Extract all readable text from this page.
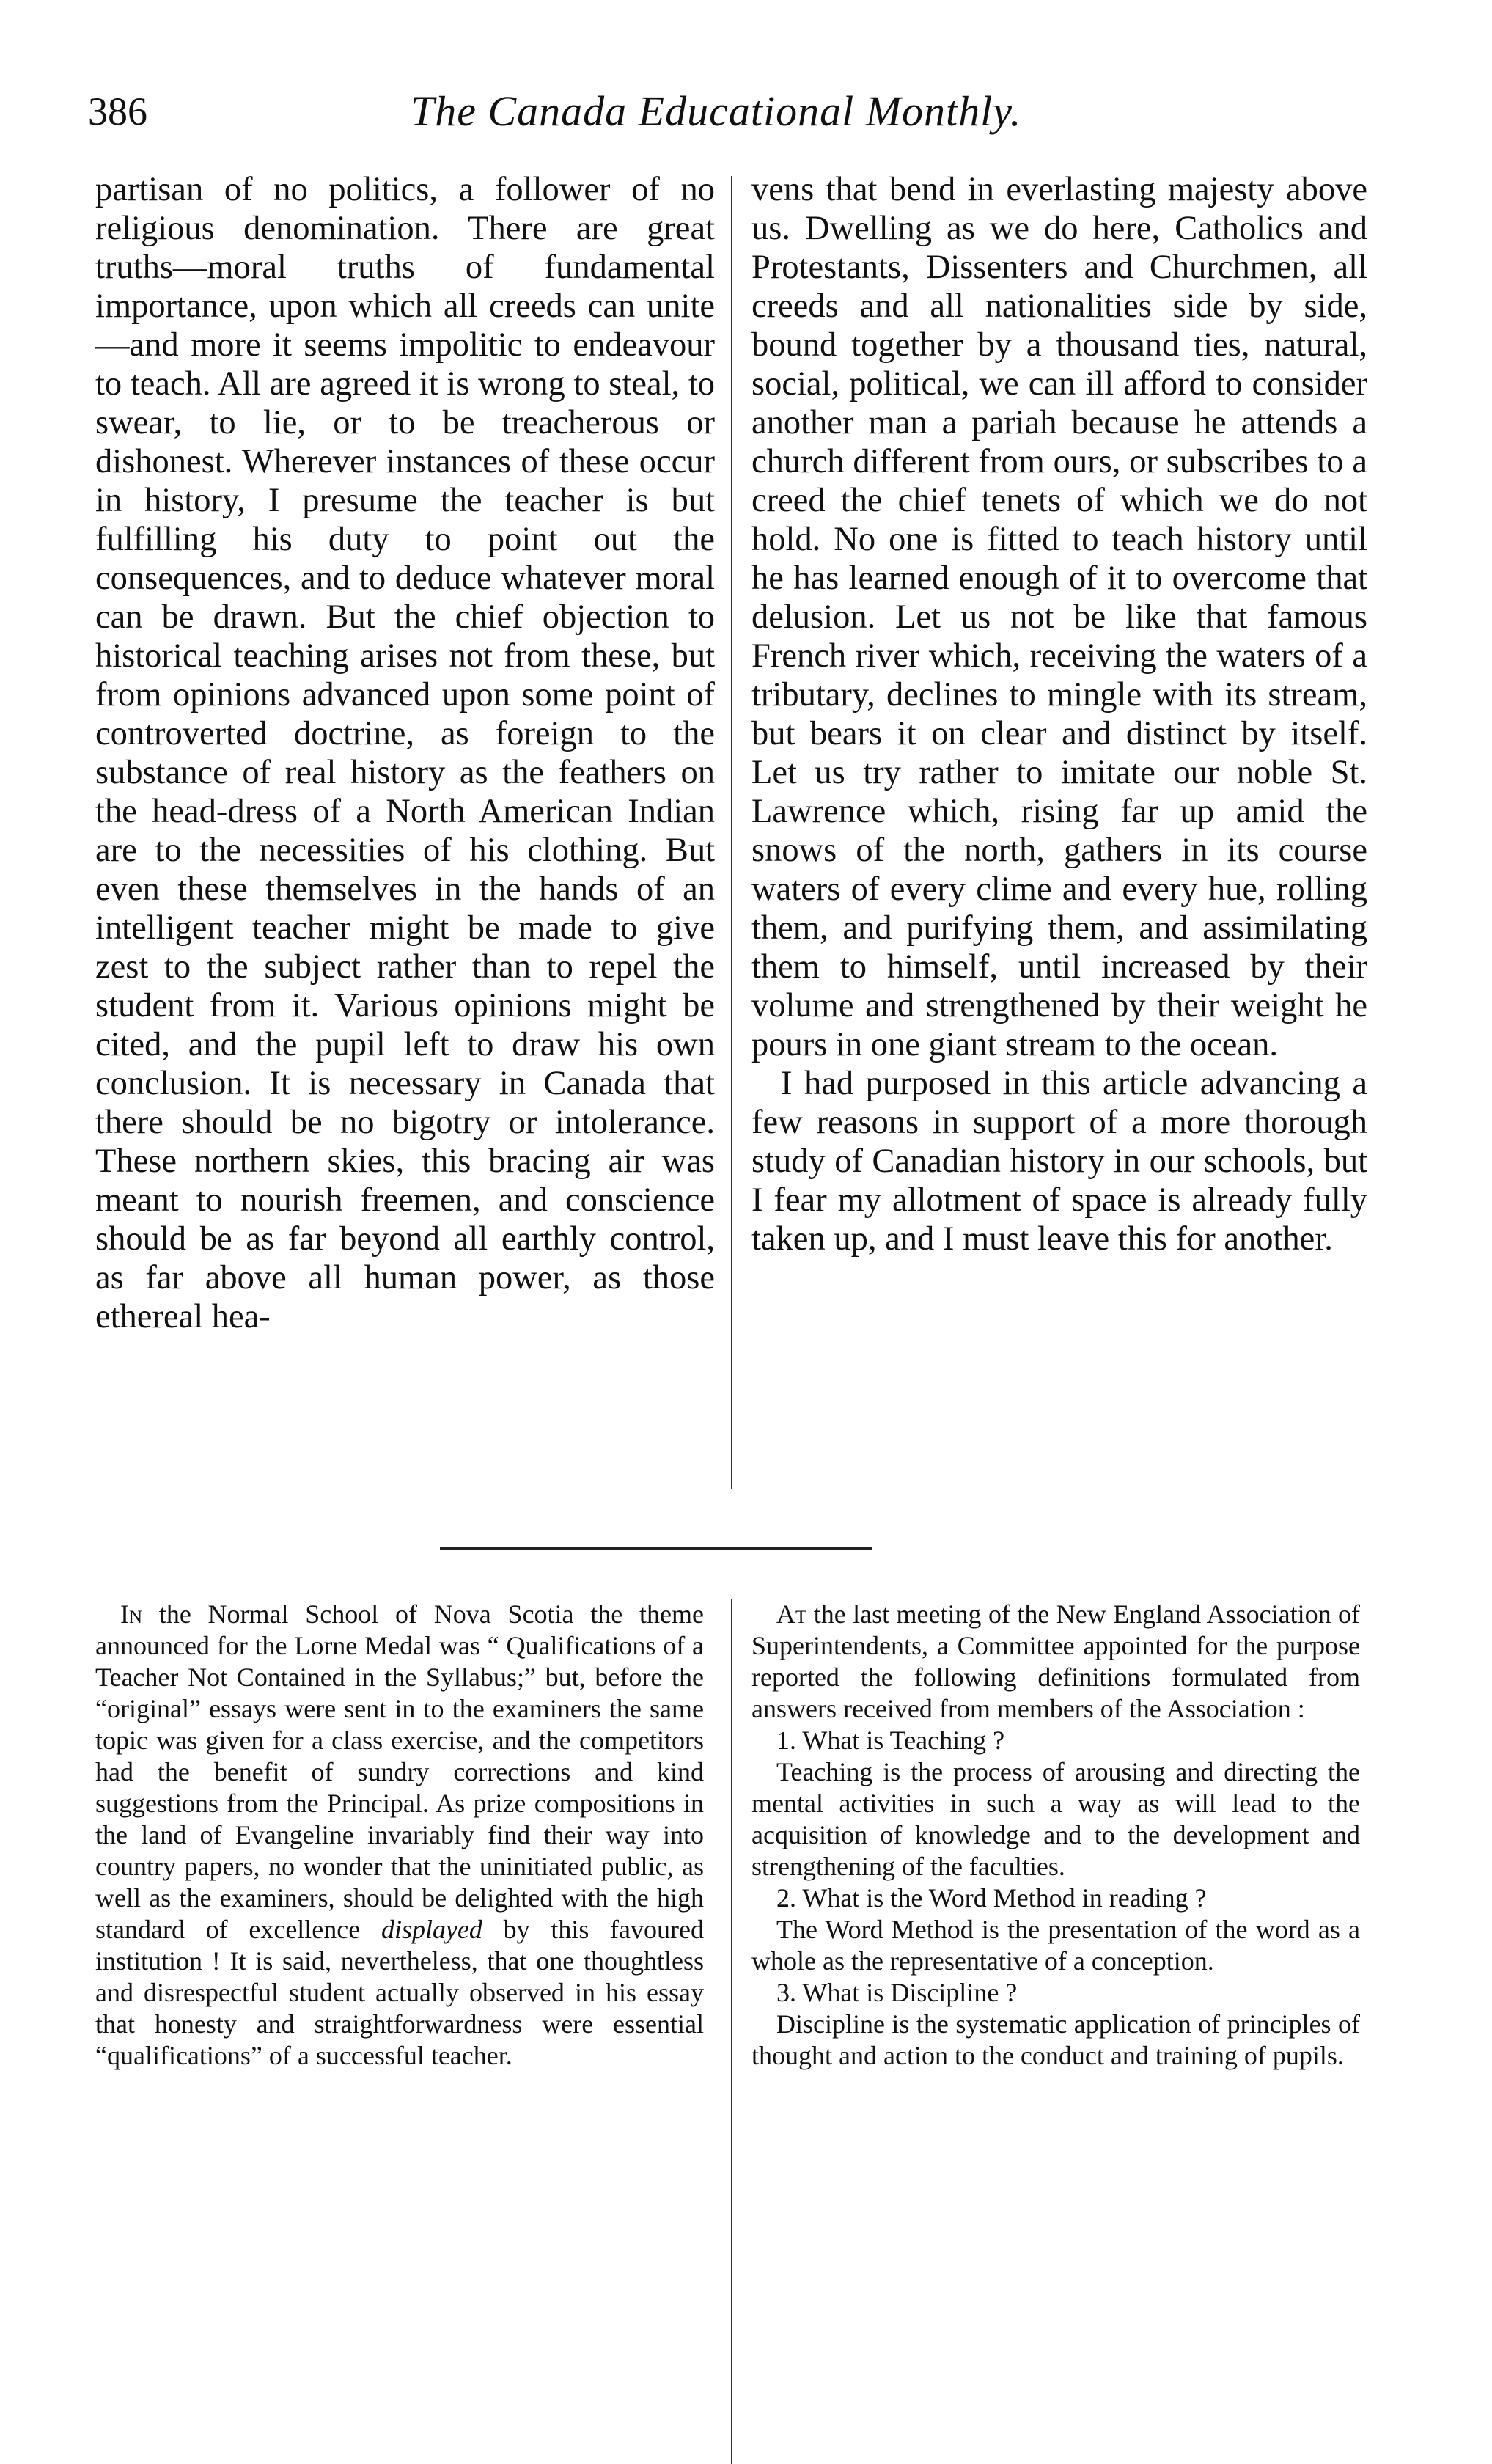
386	The Canada Educational Monthly.

partisan of no politics, a follower of no religious denomination. There are great truths—moral truths of fundamental importance, upon which all creeds can unite—and more it seems impolitic to endeavour to teach. All are agreed it is wrong to steal, to swear, to lie, or to be treacherous or dishonest. Wherever instances of these occur in history, I presume the teacher is but fulfilling his duty to point out the consequences, and to deduce whatever moral can be drawn. But the chief objection to historical teaching arises not from these, but from opinions advanced upon some point of controverted doctrine, as foreign to the substance of real history as the feathers on the head-dress of a North American Indian are to the necessities of his clothing. But even these themselves in the hands of an intelligent teacher might be made to give zest to the subject rather than to repel the student from it. Various opinions might be cited, and the pupil left to draw his own conclusion. It is necessary in Canada that there should be no bigotry or intolerance. These northern skies, this bracing air was meant to nourish freemen, and conscience should be as far beyond all earthly control, as far above all human power, as those ethereal hea-

vens that bend in everlasting majesty above us. Dwelling as we do here, Catholics and Protestants, Dissenters and Churchmen, all creeds and all nationalities side by side, bound together by a thousand ties, natural, social, political, we can ill afford to consider another man a pariah because he attends a church different from ours, or subscribes to a creed the chief tenets of which we do not hold. No one is fitted to teach history until he has learned enough of it to overcome that delusion. Let us not be like that famous French river which, receiving the waters of a tributary, declines to mingle with its stream, but bears it on clear and distinct by itself. Let us try rather to imitate our noble St. Lawrence which, rising far up amid the snows of the north, gathers in its course waters of every clime and every hue, rolling them, and purifying them, and assimilating them to himself, until increased by their volume and strengthened by their weight he pours in one giant stream to the ocean.

I had purposed in this article advancing a few reasons in support of a more thorough study of Canadian history in our schools, but I fear my allotment of space is already fully taken up, and I must leave this for another.

In the Normal School of Nova Scotia the theme announced for the Lorne Medal was “ Qualifications of a Teacher Not Contained in the Syllabus;” but, before the “original” essays were sent in to the examiners the same topic was given for a class exercise, and the competitors had the benefit of sundry corrections and kind suggestions from the Principal. As prize compositions in the land of Evangeline invariably find their way into country papers, no wonder that the uninitiated public, as well as the examiners, should be delighted with the high standard of excellence displayed by this favoured institution ! It is said, nevertheless, that one thoughtless and disrespectful student actually observed in his essay that honesty and straightforwardness were essential “qualifications” of a successful teacher.

At the last meeting of the New England Association of Superintendents, a Committee appointed for the purpose reported the following definitions formulated from answers received from members of the Association :

1. What is Teaching ?

Teaching is the process of arousing and directing the mental activities in such a way as will lead to the acquisition of knowledge and to the development and strengthening of the faculties.

2. What is the Word Method in reading ?

The Word Method is the presentation of the word as a whole as the representative of a conception.

3. What is Discipline ?

Discipline is the systematic application of principles of thought and action to the conduct and training of pupils.
